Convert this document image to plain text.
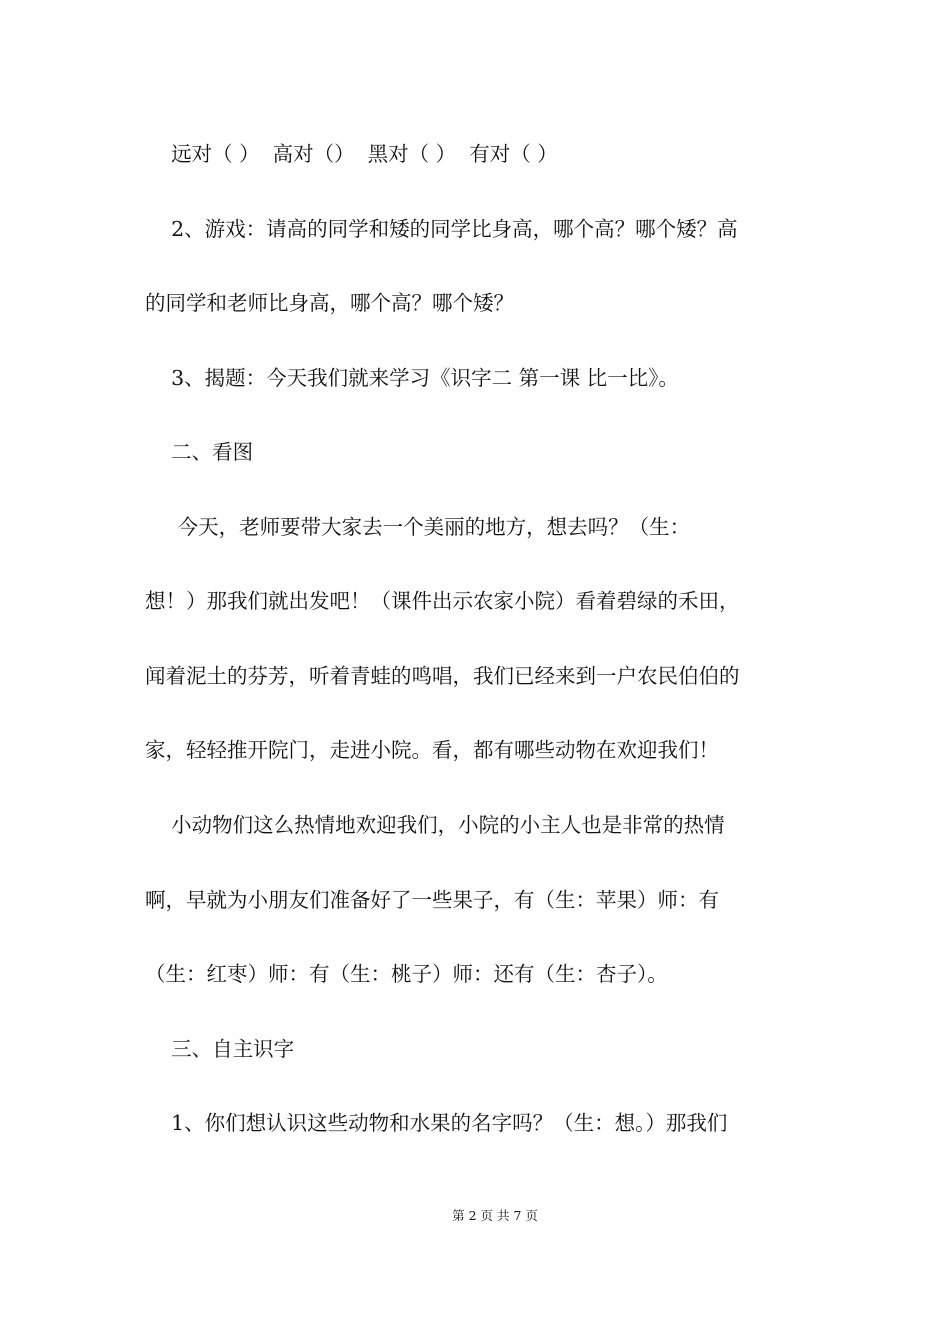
远对（ ）  高对（）  黑对（ ）  有对（ ）
2、游戏：请高的同学和矮的同学比身高，哪个高？哪个矮？高
的同学和老师比身高，哪个高？哪个矮？
3、揭题：今天我们就来学习《识字二 第一课 比一比》。
二、看图
今天，老师要带大家去一个美丽的地方，想去吗？（生：
想！）那我们就出发吧！（课件出示农家小院）看着碧绿的禾田，
闻着泥土的芬芳，听着青蛙的鸣唱，我们已经来到一户农民伯伯的
家，轻轻推开院门，走进小院。看，都有哪些动物在欢迎我们！
小动物们这么热情地欢迎我们，小院的小主人也是非常的热情
啊，早就为小朋友们准备好了一些果子，有（生：苹果）师：有
（生：红枣）师：有（生：桃子）师：还有（生：杏子）。
三、自主识字
1、你们想认识这些动物和水果的名字吗？（生：想。）那我们
第 2 页 共 7 页
